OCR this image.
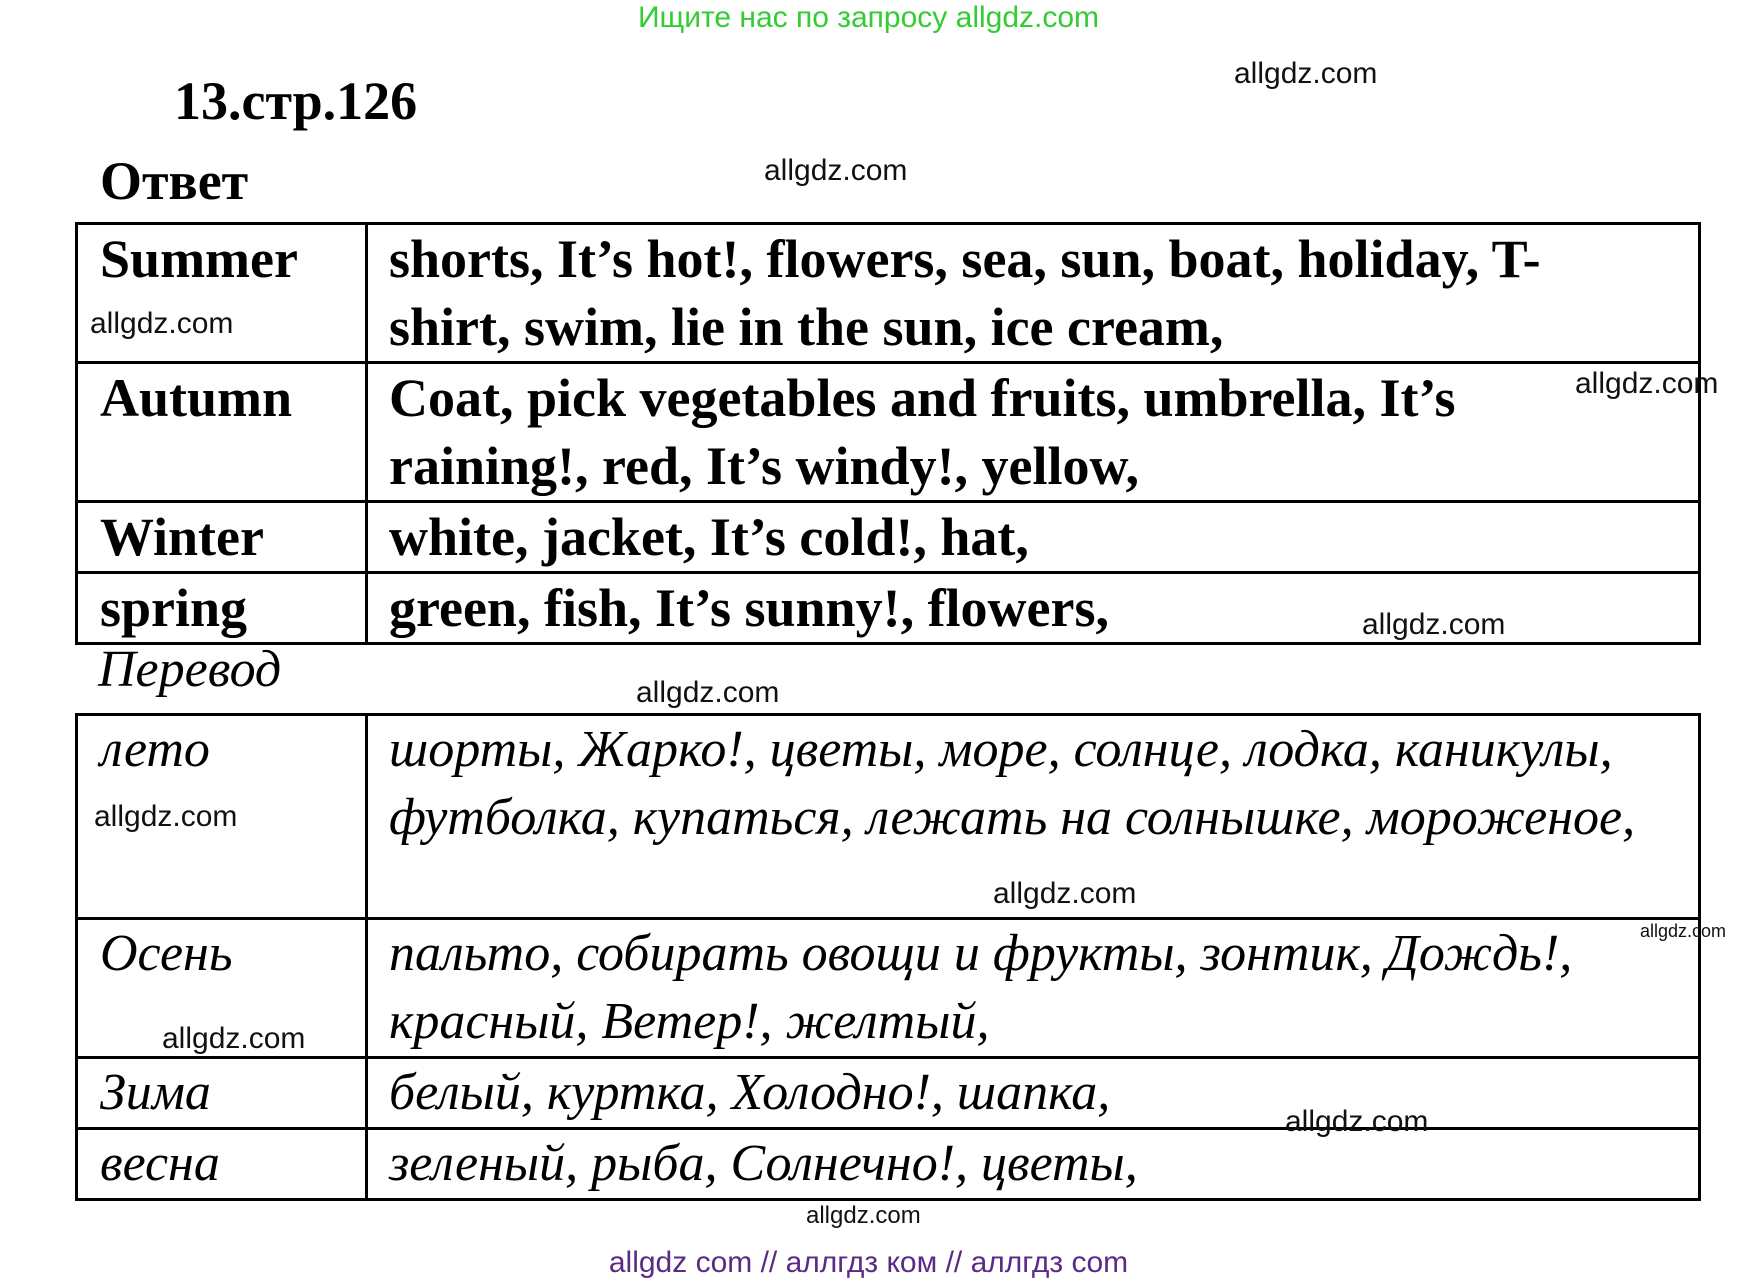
Ищите нас по запросу allgdz.com
13.стр.126
Ответ
Summer	shorts, It’s hot!, flowers, sea, sun, boat, holiday, T-shirt, swim, lie in the sun, ice cream,
Autumn	Coat, pick vegetables and fruits, umbrella, It’s raining!, red, It’s windy!, yellow,
Winter	white, jacket, It’s cold!, hat,
spring	green, fish, It’s sunny!, flowers,
Перевод
лето	шорты, Жарко!, цветы, море, солнце, лодка, каникулы, футболка, купаться, лежать на солнышке, мороженое,
Осень	пальто, собирать овощи и фрукты, зонтик, Дождь!, красный, Ветер!, желтый,
Зима	белый, куртка, Холодно!, шапка,
весна	зеленый, рыба, Солнечно!, цветы,
allgdz.com
allgdz.com
allgdz.com
allgdz.com
allgdz.com
allgdz.com
allgdz.com
allgdz.com
allgdz.com
allgdz.com
allgdz.com
allgdz.com
allgdz com // аллгдз ком // аллгдз com
